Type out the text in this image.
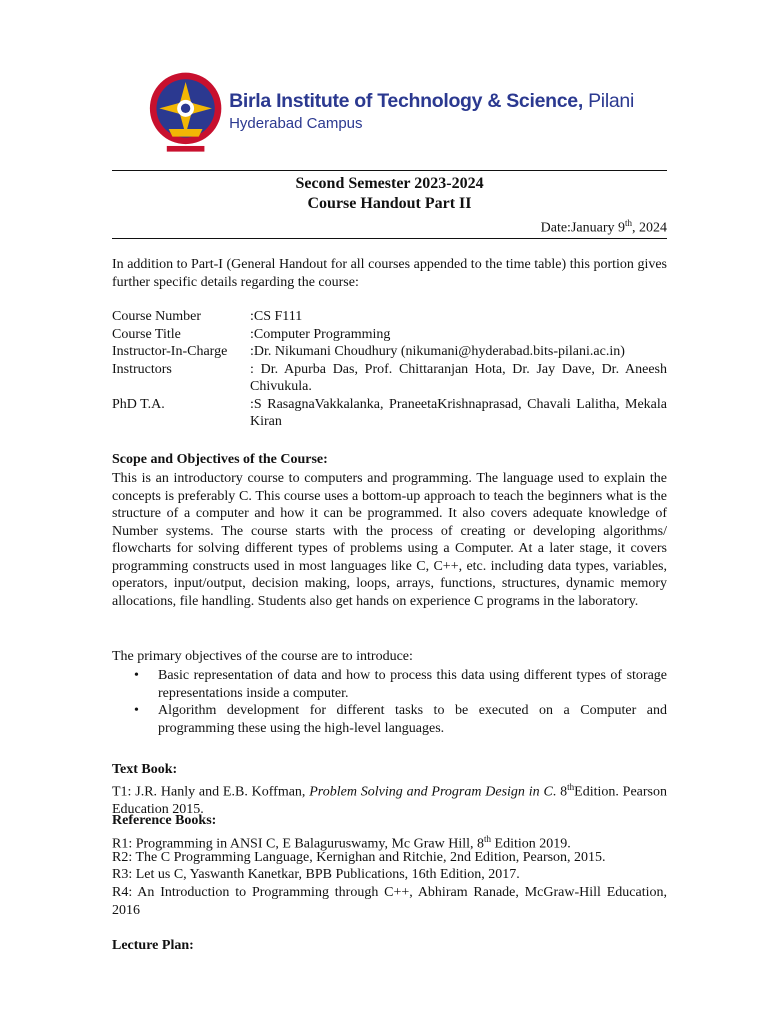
Birla Institute of Technology & Science, Pilani
Hyderabad Campus
Second Semester 2023-2024
Course Handout Part II
Date:January 9th, 2024
In addition to Part-I (General Handout for all courses appended to the time table) this portion gives further specific details regarding the course:
Course Number	:CS F111
Course Title	:Computer Programming
Instructor-In-Charge	:Dr. Nikumani Choudhury (nikumani@hyderabad.bits-pilani.ac.in)
Instructors	: Dr. Apurba Das, Prof. Chittaranjan Hota, Dr. Jay Dave, Dr. Aneesh Chivukula.
PhD T.A.	:S RasagnaVakkalanka, PraneetaKrishnaprasad, Chavali Lalitha, Mekala Kiran
Scope and Objectives of the Course:
This is an introductory course to computers and programming. The language used to explain the concepts is preferably C. This course uses a bottom-up approach to teach the beginners what is the structure of a computer and how it can be programmed. It also covers adequate knowledge of Number systems. The course starts with the process of creating or developing algorithms/ flowcharts for solving different types of problems using a Computer. At a later stage, it covers programming constructs used in most languages like C, C++, etc. including data types, variables, operators, input/output, decision making, loops, arrays, functions, structures, dynamic memory allocations, file handling. Students also get hands on experience C programs in the laboratory.
The primary objectives of the course are to introduce:
• Basic representation of data and how to process this data using different types of storage representations inside a computer.
• Algorithm development for different tasks to be executed on a Computer and programming these using the high-level languages.
Text Book:
T1: J.R. Hanly and E.B. Koffman, Problem Solving and Program Design in C. 8thEdition. Pearson Education 2015.
Reference Books:
R1: Programming in ANSI C, E Balaguruswamy, Mc Graw Hill, 8th Edition 2019.
R2: The C Programming Language, Kernighan and Ritchie, 2nd Edition, Pearson, 2015.
R3: Let us C, Yaswanth Kanetkar, BPB Publications, 16th Edition, 2017.
R4: An Introduction to Programming through C++, Abhiram Ranade, McGraw-Hill Education, 2016
Lecture Plan:
